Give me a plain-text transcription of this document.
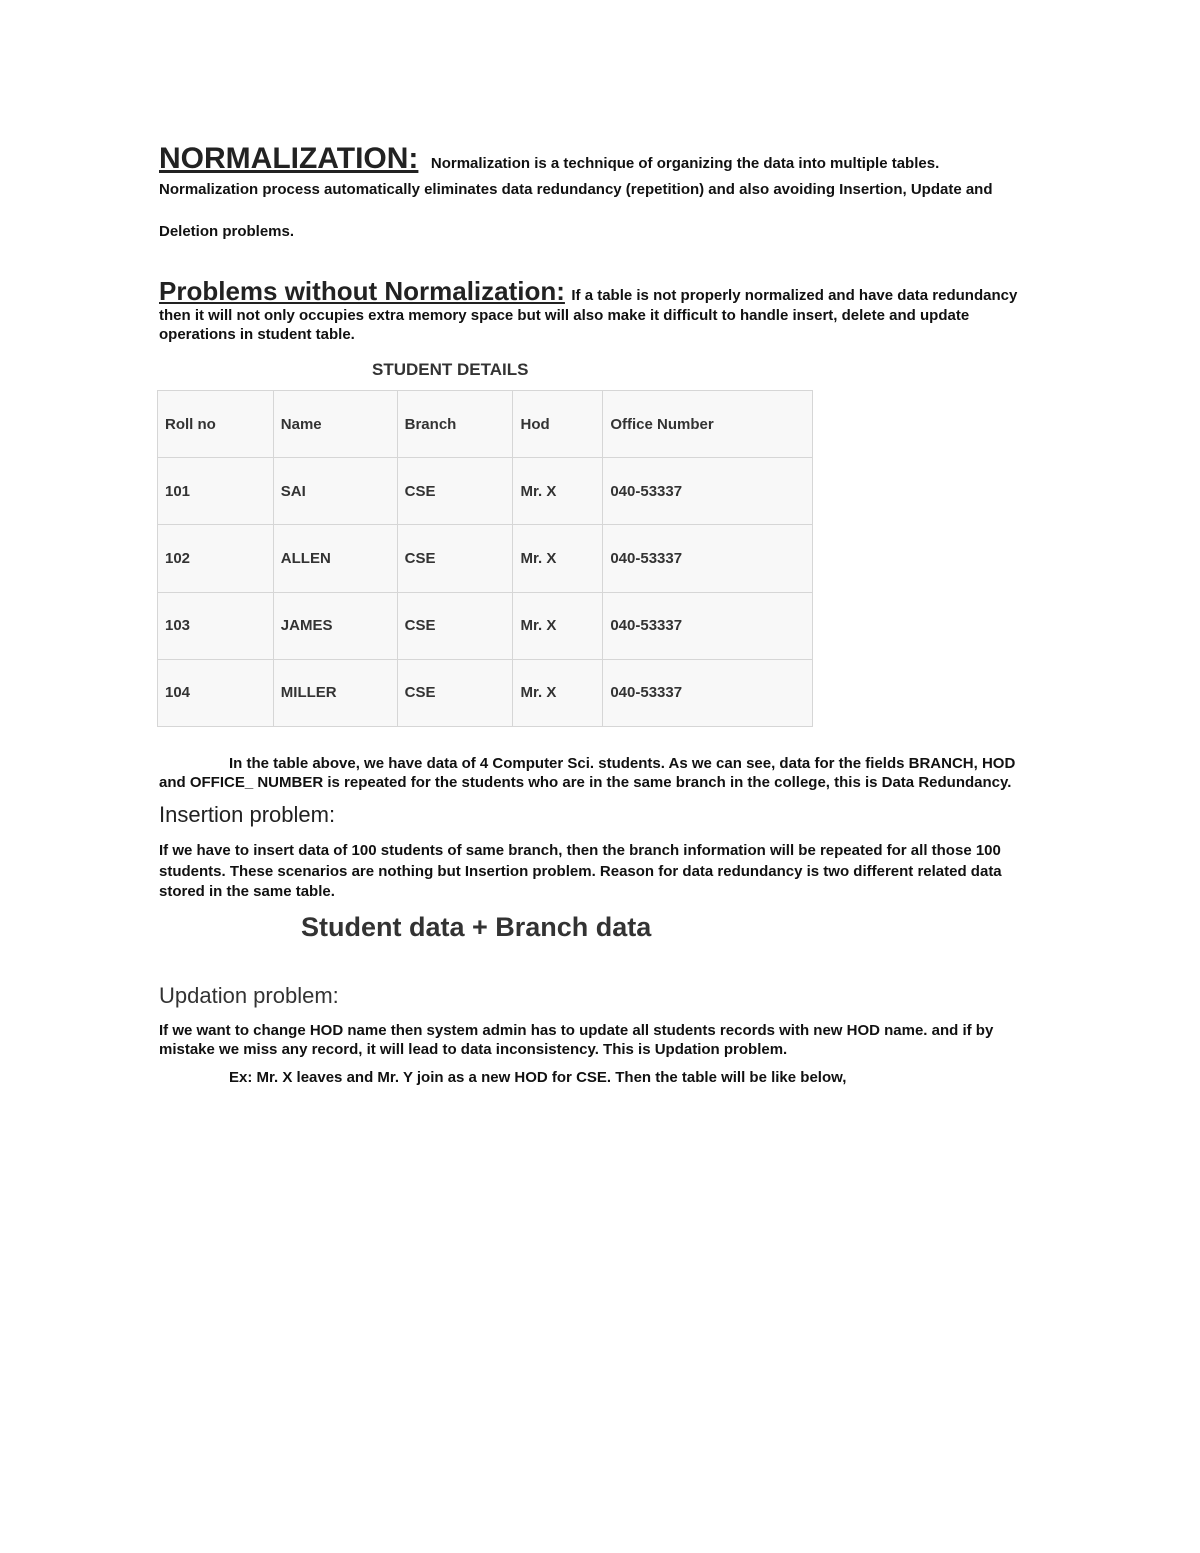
NORMALIZATION: Normalization is a technique of organizing the data into multiple tables.
Normalization process automatically eliminates data redundancy (repetition) and also avoiding Insertion, Update and
Deletion problems.
Problems without Normalization: If a table is not properly normalized and have data redundancy
then it will not only occupies extra memory space but will also make it difficult to handle insert, delete and update
operations in student table.
STUDENT DETAILS
Roll no	Name	Branch	Hod	Office Number
101	SAI	CSE	Mr. X	040-53337
102	ALLEN	CSE	Mr. X	040-53337
103	JAMES	CSE	Mr. X	040-53337
104	MILLER	CSE	Mr. X	040-53337
In the table above, we have data of 4 Computer Sci. students. As we can see, data for the fields BRANCH, HOD
and OFFICE_ NUMBER is repeated for the students who are in the same branch in the college, this is Data Redundancy.
Insertion problem:
If we have to insert data of 100 students of same branch, then the branch information will be repeated for all those 100
students. These scenarios are nothing but Insertion problem. Reason for data redundancy is two different related data
stored in the same table.
Student data + Branch data
Updation problem:
If we want to change HOD name then system admin has to update all students records with new HOD name. and if by
mistake we miss any record, it will lead to data inconsistency. This is Updation problem.
Ex: Mr. X leaves and Mr. Y join as a new HOD for CSE. Then the table will be like below,
